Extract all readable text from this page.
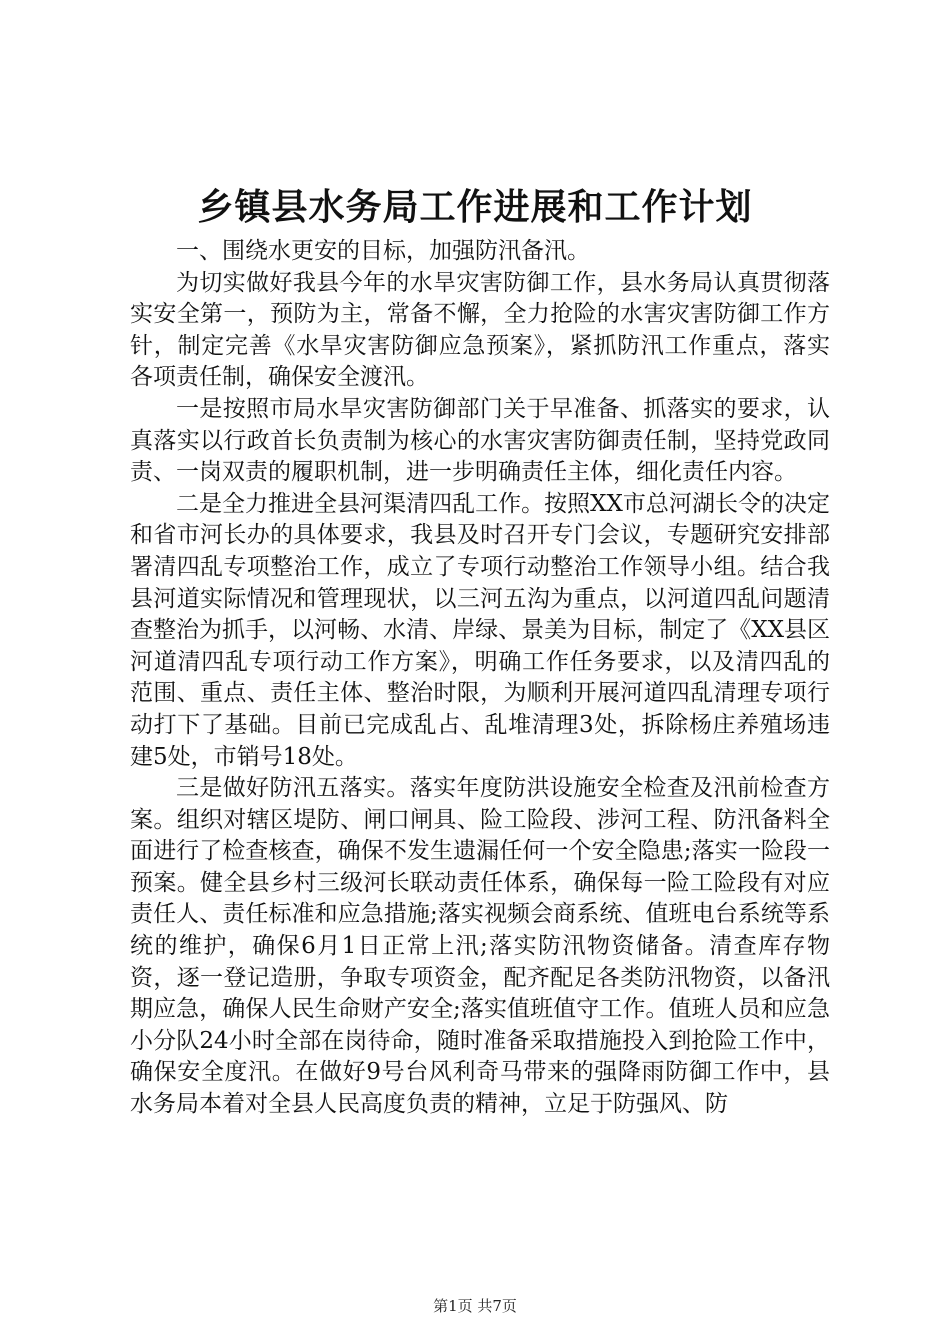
乡镇县水务局工作进展和工作计划

一、围绕水更安的目标，加强防汛备汛。

为切实做好我县今年的水旱灾害防御工作，县水务局认真贯彻落实安全第一，预防为主，常备不懈，全力抢险的水害灾害防御工作方针，制定完善《水旱灾害防御应急预案》，紧抓防汛工作重点，落实各项责任制，确保安全渡汛。

一是按照市局水旱灾害防御部门关于早准备、抓落实的要求，认真落实以行政首长负责制为核心的水害灾害防御责任制，坚持党政同责、一岗双责的履职机制，进一步明确责任主体，细化责任内容。

二是全力推进全县河渠清四乱工作。按照XX市总河湖长令的决定和省市河长办的具体要求，我县及时召开专门会议，专题研究安排部署清四乱专项整治工作，成立了专项行动整治工作领导小组。结合我县河道实际情况和管理现状，以三河五沟为重点，以河道四乱问题清查整治为抓手，以河畅、水清、岸绿、景美为目标，制定了《XX县区河道清四乱专项行动工作方案》，明确工作任务要求，以及清四乱的范围、重点、责任主体、整治时限，为顺利开展河道四乱清理专项行动打下了基础。目前已完成乱占、乱堆清理3处，拆除杨庄养殖场违建5处，市销号18处。

三是做好防汛五落实。落实年度防洪设施安全检查及汛前检查方案。组织对辖区堤防、闸口闸具、险工险段、涉河工程、防汛备料全面进行了检查核查，确保不发生遗漏任何一个安全隐患;落实一险段一预案。健全县乡村三级河长联动责任体系，确保每一险工险段有对应责任人、责任标准和应急措施;落实视频会商系统、值班电台系统等系统的维护，确保6月1日正常上汛;落实防汛物资储备。清查库存物资，逐一登记造册，争取专项资金，配齐配足各类防汛物资，以备汛期应急，确保人民生命财产安全;落实值班值守工作。值班人员和应急小分队24小时全部在岗待命，随时准备采取措施投入到抢险工作中，确保安全度汛。在做好9号台风利奇马带来的强降雨防御工作中，县水务局本着对全县人民高度负责的精神，立足于防强风、防

第1页 共7页
